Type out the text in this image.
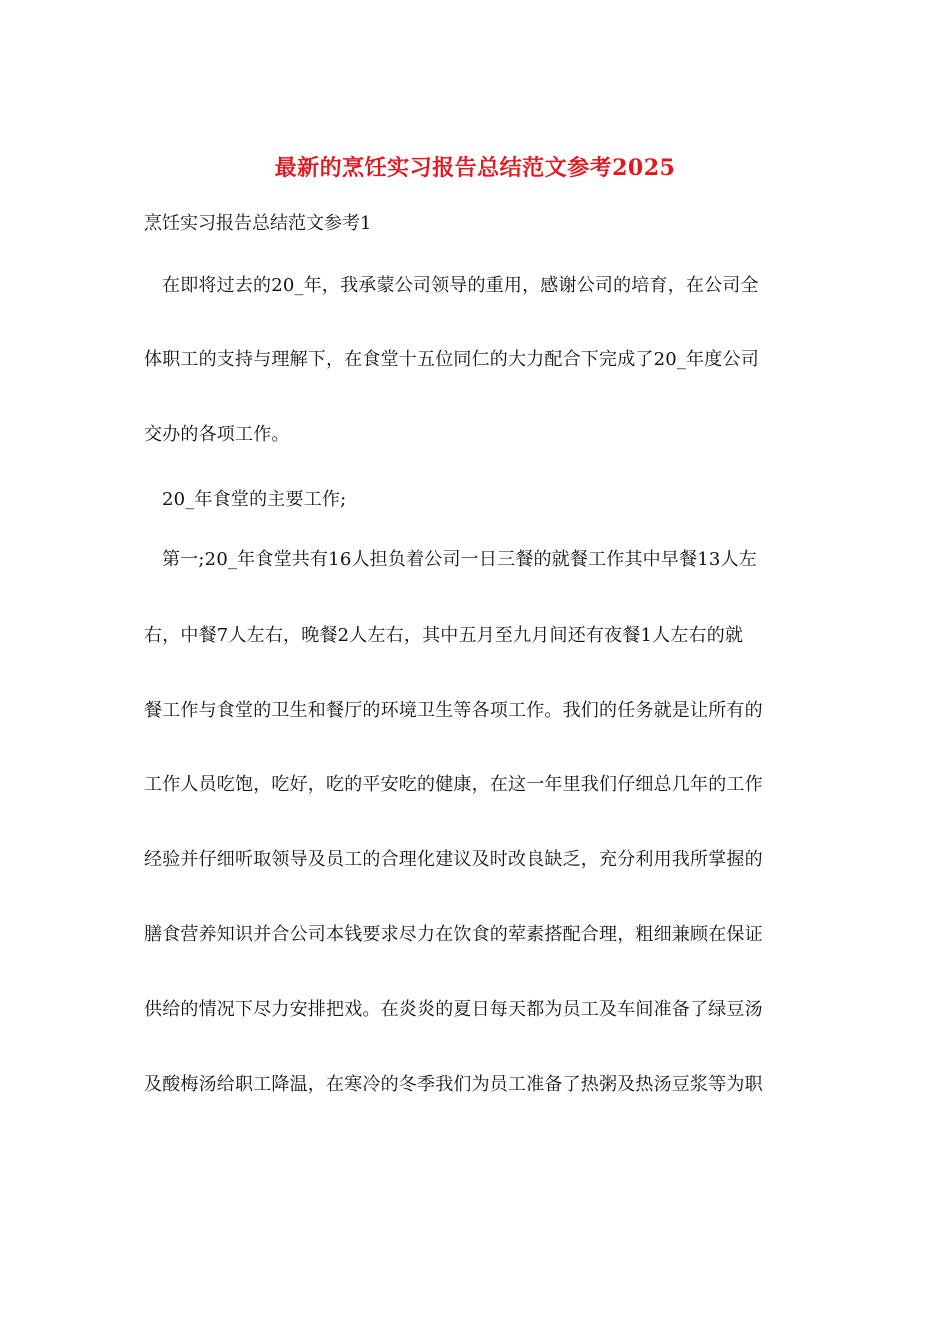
最新的烹饪实习报告总结范文参考2025
烹饪实习报告总结范文参考1
在即将过去的20_年，我承蒙公司领导的重用，感谢公司的培育，在公司全
体职工的支持与理解下，在食堂十五位同仁的大力配合下完成了20_年度公司
交办的各项工作。
20_年食堂的主要工作;
第一;20_年食堂共有16人担负着公司一日三餐的就餐工作其中早餐13人左
右，中餐7人左右，晚餐2人左右，其中五月至九月间还有夜餐1人左右的就
餐工作与食堂的卫生和餐厅的环境卫生等各项工作。我们的任务就是让所有的
工作人员吃饱，吃好，吃的平安吃的健康，在这一年里我们仔细总几年的工作
经验并仔细听取领导及员工的合理化建议及时改良缺乏，充分利用我所掌握的
膳食营养知识并合公司本钱要求尽力在饮食的荤素搭配合理，粗细兼顾在保证
供给的情况下尽力安排把戏。在炎炎的夏日每天都为员工及车间准备了绿豆汤
及酸梅汤给职工降温，在寒冷的冬季我们为员工准备了热粥及热汤豆浆等为职
